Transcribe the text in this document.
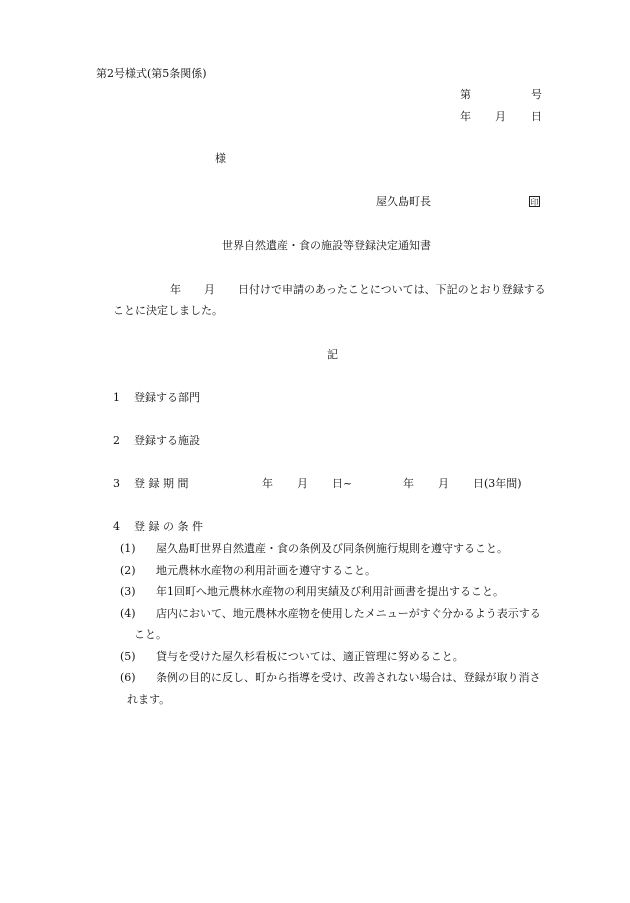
第2号様式(第5条関係)
第	号
年 月 日
様
屋久島町長	印
世界自然遺産・食の施設等登録決定通知書
年 月 日付けで申請のあったことについては、下記のとおり登録する
ことに決定しました。
記
1 登録する部門
2 登録する施設
3 登 録 期 間	年 月 日~	年 月 日(3年間)
4 登 録 の 条 件
(1) 屋久島町世界自然遺産・食の条例及び同条例施行規則を遵守すること。
(2) 地元農林水産物の利用計画を遵守すること。
(3) 年1回町へ地元農林水産物の利用実績及び利用計画書を提出すること。
(4) 店内において、地元農林水産物を使用したメニューがすぐ分かるよう表示する
こと。
(5) 貸与を受けた屋久杉看板については、適正管理に努めること。
(6) 条例の目的に反し、町から指導を受け、改善されない場合は、登録が取り消さ
れます。
